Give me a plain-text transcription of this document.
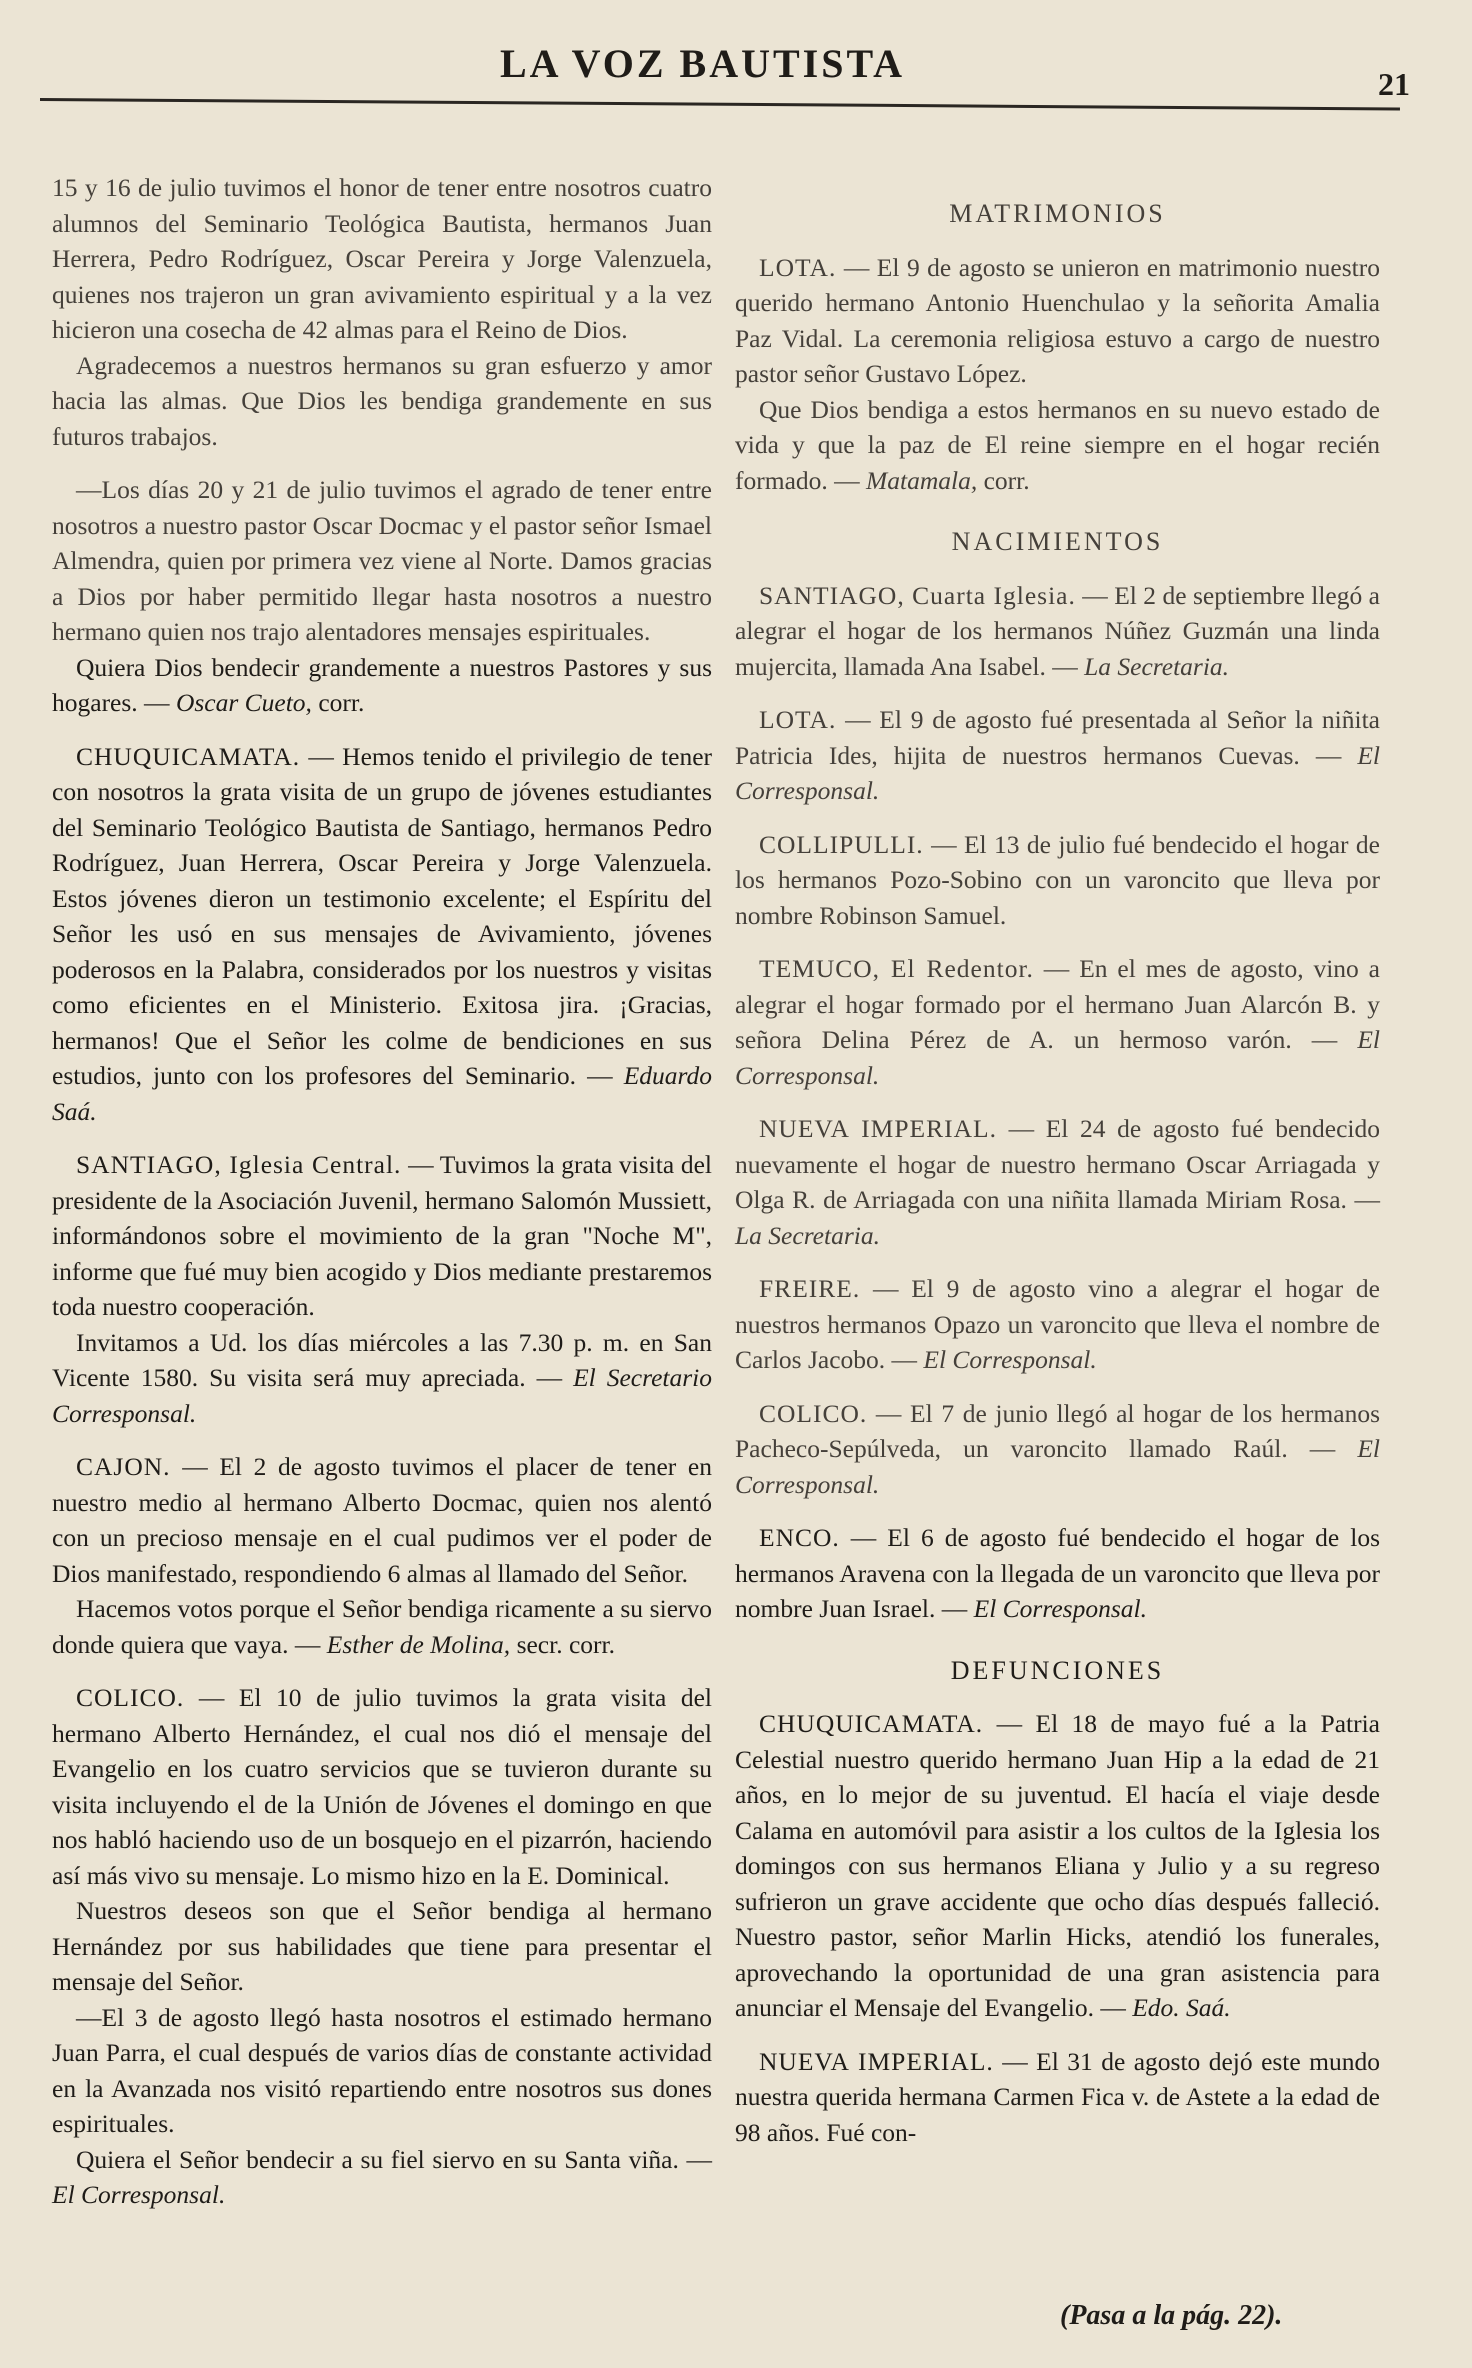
LA VOZ BAUTISTA	21

15 y 16 de julio tuvimos el honor de tener entre nosotros cuatro alumnos del Seminario Teológica Bautista, hermanos Juan Herrera, Pedro Rodríguez, Oscar Pereira y Jorge Valenzuela, quienes nos trajeron un gran avivamiento espiritual y a la vez hicieron una cosecha de 42 almas para el Reino de Dios.

Agradecemos a nuestros hermanos su gran esfuerzo y amor hacia las almas. Que Dios les bendiga grandemente en sus futuros trabajos.

—Los días 20 y 21 de julio tuvimos el agrado de tener entre nosotros a nuestro pastor Oscar Docmac y el pastor señor Ismael Almendra, quien por primera vez viene al Norte. Damos gracias a Dios por haber permitido llegar hasta nosotros a nuestro hermano quien nos trajo alentadores mensajes espirituales.

Quiera Dios bendecir grandemente a nuestros Pastores y sus hogares. — Oscar Cueto, corr.

CHUQUICAMATA. — Hemos tenido el privilegio de tener con nosotros la grata visita de un grupo de jóvenes estudiantes del Seminario Teológico Bautista de Santiago, hermanos Pedro Rodríguez, Juan Herrera, Oscar Pereira y Jorge Valenzuela. Estos jóvenes dieron un testimonio excelente; el Espíritu del Señor les usó en sus mensajes de Avivamiento, jóvenes poderosos en la Palabra, considerados por los nuestros y visitas como eficientes en el Ministerio. Exitosa jira. ¡Gracias, hermanos! Que el Señor les colme de bendiciones en sus estudios, junto con los profesores del Seminario. — Eduardo Saá.

SANTIAGO, Iglesia Central. — Tuvimos la grata visita del presidente de la Asociación Juvenil, hermano Salomón Mussiett, informándonos sobre el movimiento de la gran "Noche M", informe que fué muy bien acogido y Dios mediante prestaremos toda nuestro cooperación.

Invitamos a Ud. los días miércoles a las 7.30 p. m. en San Vicente 1580. Su visita será muy apreciada. — El Secretario Corresponsal.

CAJON. — El 2 de agosto tuvimos el placer de tener en nuestro medio al hermano Alberto Docmac, quien nos alentó con un precioso mensaje en el cual pudimos ver el poder de Dios manifestado, respondiendo 6 almas al llamado del Señor.

Hacemos votos porque el Señor bendiga ricamente a su siervo donde quiera que vaya. — Esther de Molina, secr. corr.

COLICO. — El 10 de julio tuvimos la grata visita del hermano Alberto Hernández, el cual nos dió el mensaje del Evangelio en los cuatro servicios que se tuvieron durante su visita incluyendo el de la Unión de Jóvenes el domingo en que nos habló haciendo uso de un bosquejo en el pizarrón, haciendo así más vivo su mensaje. Lo mismo hizo en la E. Dominical.

Nuestros deseos son que el Señor bendiga al hermano Hernández por sus habilidades que tiene para presentar el mensaje del Señor.

—El 3 de agosto llegó hasta nosotros el estimado hermano Juan Parra, el cual después de varios días de constante actividad en la Avanzada nos visitó repartiendo entre nosotros sus dones espirituales.

Quiera el Señor bendecir a su fiel siervo en su Santa viña. — El Corresponsal.

MATRIMONIOS

LOTA. — El 9 de agosto se unieron en matrimonio nuestro querido hermano Antonio Huenchulao y la señorita Amalia Paz Vidal. La ceremonia religiosa estuvo a cargo de nuestro pastor señor Gustavo López.

Que Dios bendiga a estos hermanos en su nuevo estado de vida y que la paz de El reine siempre en el hogar recién formado. — Matamala, corr.

NACIMIENTOS

SANTIAGO, Cuarta Iglesia. — El 2 de septiembre llegó a alegrar el hogar de los hermanos Núñez Guzmán una linda mujercita, llamada Ana Isabel. — La Secretaria.

LOTA. — El 9 de agosto fué presentada al Señor la niñita Patricia Ides, hijita de nuestros hermanos Cuevas. — El Corresponsal.

COLLIPULLI. — El 13 de julio fué bendecido el hogar de los hermanos Pozo-Sobino con un varoncito que lleva por nombre Robinson Samuel.

TEMUCO, El Redentor. — En el mes de agosto, vino a alegrar el hogar formado por el hermano Juan Alarcón B. y señora Delina Pérez de A. un hermoso varón. — El Corresponsal.

NUEVA IMPERIAL. — El 24 de agosto fué bendecido nuevamente el hogar de nuestro hermano Oscar Arriagada y Olga R. de Arriagada con una niñita llamada Miriam Rosa. — La Secretaria.

FREIRE. — El 9 de agosto vino a alegrar el hogar de nuestros hermanos Opazo un varoncito que lleva el nombre de Carlos Jacobo. — El Corresponsal.

COLICO. — El 7 de junio llegó al hogar de los hermanos Pacheco-Sepúlveda, un varoncito llamado Raúl. — El Corresponsal.

ENCO. — El 6 de agosto fué bendecido el hogar de los hermanos Aravena con la llegada de un varoncito que lleva por nombre Juan Israel. — El Corresponsal.

DEFUNCIONES

CHUQUICAMATA. — El 18 de mayo fué a la Patria Celestial nuestro querido hermano Juan Hip a la edad de 21 años, en lo mejor de su juventud. El hacía el viaje desde Calama en automóvil para asistir a los cultos de la Iglesia los domingos con sus hermanos Eliana y Julio y a su regreso sufrieron un grave accidente que ocho días después falleció. Nuestro pastor, señor Marlin Hicks, atendió los funerales, aprovechando la oportunidad de una gran asistencia para anunciar el Mensaje del Evangelio. — Edo. Saá.

NUEVA IMPERIAL. — El 31 de agosto dejó este mundo nuestra querida hermana Carmen Fica v. de Astete a la edad de 98 años. Fué con-

(Pasa a la pág. 22).
